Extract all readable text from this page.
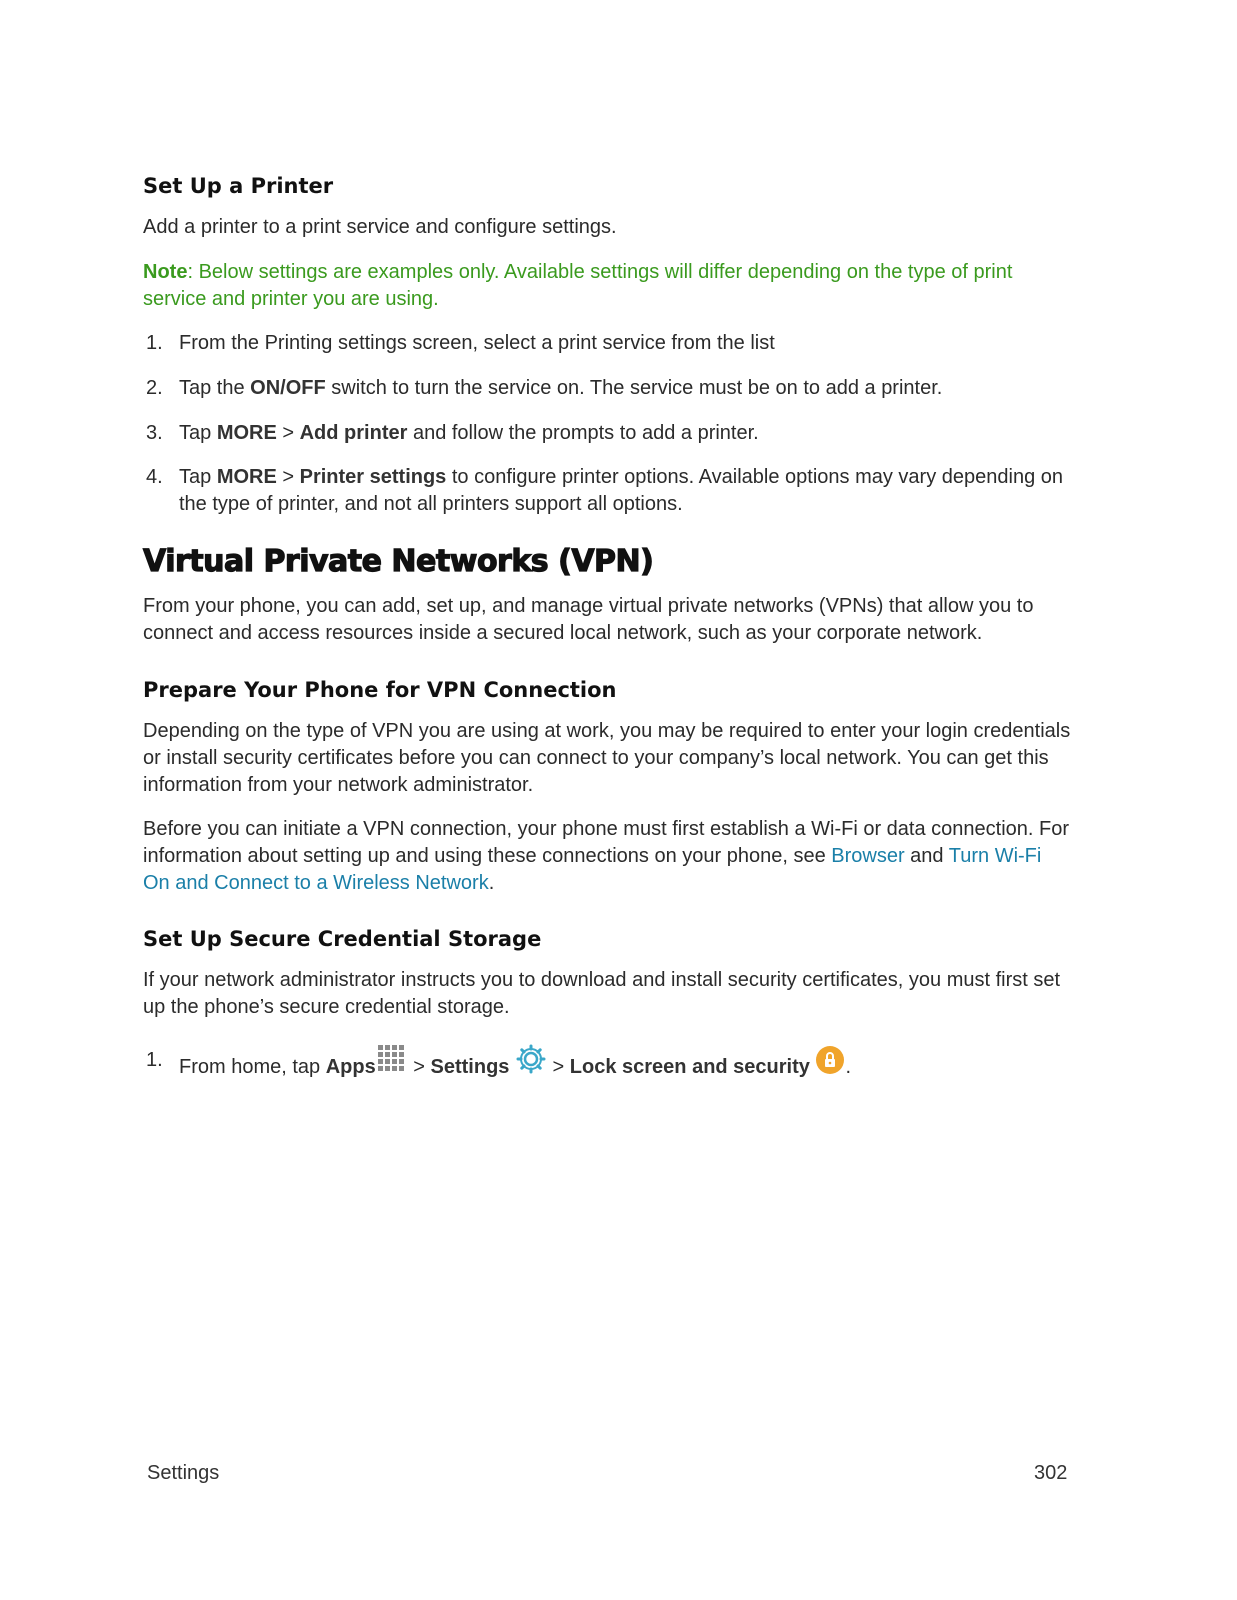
Set Up a Printer

Add a printer to a print service and configure settings.

Note: Below settings are examples only. Available settings will differ depending on the type of print service and printer you are using.

1. From the Printing settings screen, select a print service from the list
2. Tap the ON/OFF switch to turn the service on. The service must be on to add a printer.
3. Tap MORE > Add printer and follow the prompts to add a printer.
4. Tap MORE > Printer settings to configure printer options. Available options may vary depending on the type of printer, and not all printers support all options.
Virtual Private Networks (VPN)

From your phone, you can add, set up, and manage virtual private networks (VPNs) that allow you to connect and access resources inside a secured local network, such as your corporate network.

Prepare Your Phone for VPN Connection

Depending on the type of VPN you are using at work, you may be required to enter your login credentials or install security certificates before you can connect to your company’s local network. You can get this information from your network administrator.

Before you can initiate a VPN connection, your phone must first establish a Wi-Fi or data connection. For information about setting up and using these connections on your phone, see Browser and Turn Wi-Fi On and Connect to a Wireless Network.

Set Up Secure Credential Storage

If your network administrator instructs you to download and install security certificates, you must first set up the phone’s secure credential storage.

1. From home, tap Apps > Settings  > Lock screen and security .
Settings	302
